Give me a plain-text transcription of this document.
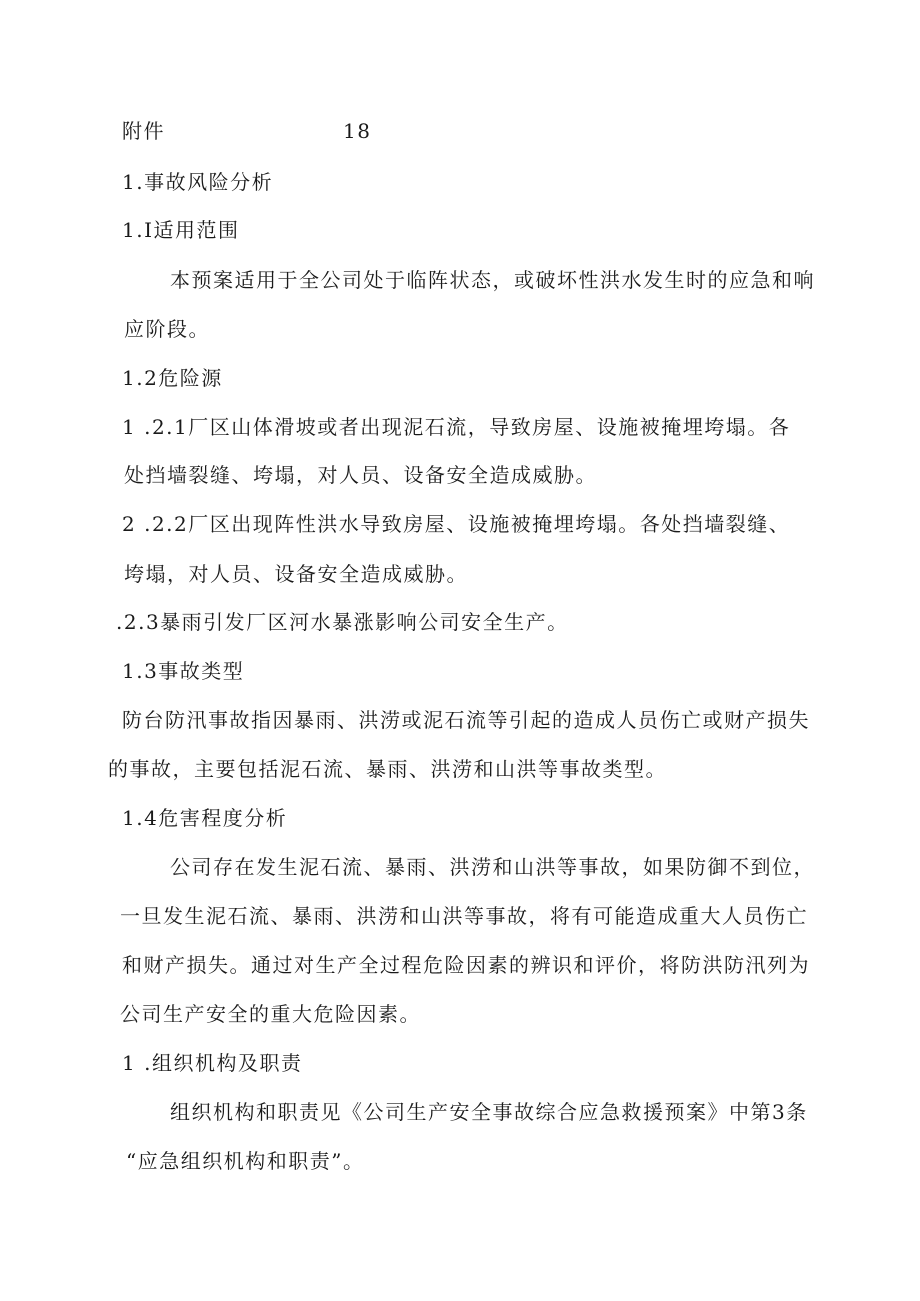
附件	18
1.事故风险分析
1.I适用范围
本预案适用于全公司处于临阵状态，或破坏性洪水发生时的应急和响
应阶段。
1.2危险源
1 .2.1厂区山体滑坡或者出现泥石流，导致房屋、设施被掩埋垮塌。各
处挡墙裂缝、垮塌，对人员、设备安全造成威胁。
2 .2.2厂区出现阵性洪水导致房屋、设施被掩埋垮塌。各处挡墙裂缝、
垮塌，对人员、设备安全造成威胁。
.2.3暴雨引发厂区河水暴涨影响公司安全生产。
1.3事故类型
防台防汛事故指因暴雨、洪涝或泥石流等引起的造成人员伤亡或财产损失
的事故，主要包括泥石流、暴雨、洪涝和山洪等事故类型。
1.4危害程度分析
公司存在发生泥石流、暴雨、洪涝和山洪等事故，如果防御不到位，
一旦发生泥石流、暴雨、洪涝和山洪等事故，将有可能造成重大人员伤亡
和财产损失。通过对生产全过程危险因素的辨识和评价，将防洪防汛列为
公司生产安全的重大危险因素。
1 .组织机构及职责
组织机构和职责见《公司生产安全事故综合应急救援预案》中第3条
“应急组织机构和职责”。
